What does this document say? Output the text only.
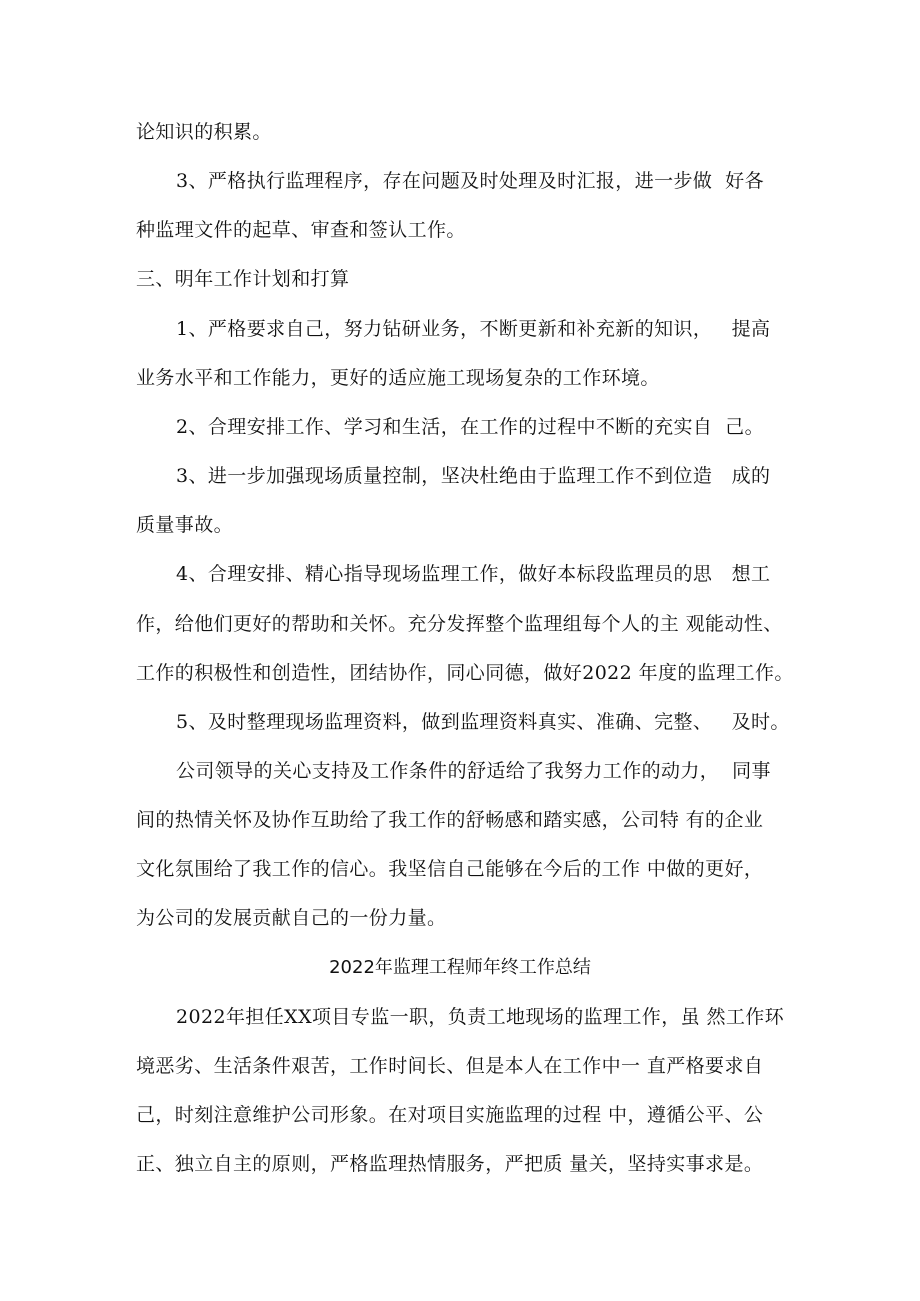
论知识的积累。
3、严格执行监理程序，存在问题及时处理及时汇报，进一步做  好各
种监理文件的起草、审查和签认工作。
三、明年工作计划和打算
1、严格要求自己，努力钻研业务，不断更新和补充新的知识，   提高
业务水平和工作能力，更好的适应施工现场复杂的工作环境。
2、合理安排工作、学习和生活，在工作的过程中不断的充实自  己。
3、进一步加强现场质量控制，坚决杜绝由于监理工作不到位造   成的
质量事故。
4、合理安排、精心指导现场监理工作，做好本标段监理员的思   想工
作，给他们更好的帮助和关怀。充分发挥整个监理组每个人的主 观能动性、
工作的积极性和创造性，团结协作，同心同德，做好2022 年度的监理工作。
5、及时整理现场监理资料，做到监理资料真实、准确、完整、   及时。
公司领导的关心支持及工作条件的舒适给了我努力工作的动力，  同事
间的热情关怀及协作互助给了我工作的舒畅感和踏实感，公司特 有的企业
文化氛围给了我工作的信心。我坚信自己能够在今后的工作 中做的更好，
为公司的发展贡献自己的一份力量。
2022年监理工程师年终工作总结
2022年担任XX项目专监一职，负责工地现场的监理工作，虽 然工作环
境恶劣、生活条件艰苦，工作时间长、但是本人在工作中一 直严格要求自
己，时刻注意维护公司形象。在对项目实施监理的过程 中，遵循公平、公
正、独立自主的原则，严格监理热情服务，严把质 量关，坚持实事求是。
